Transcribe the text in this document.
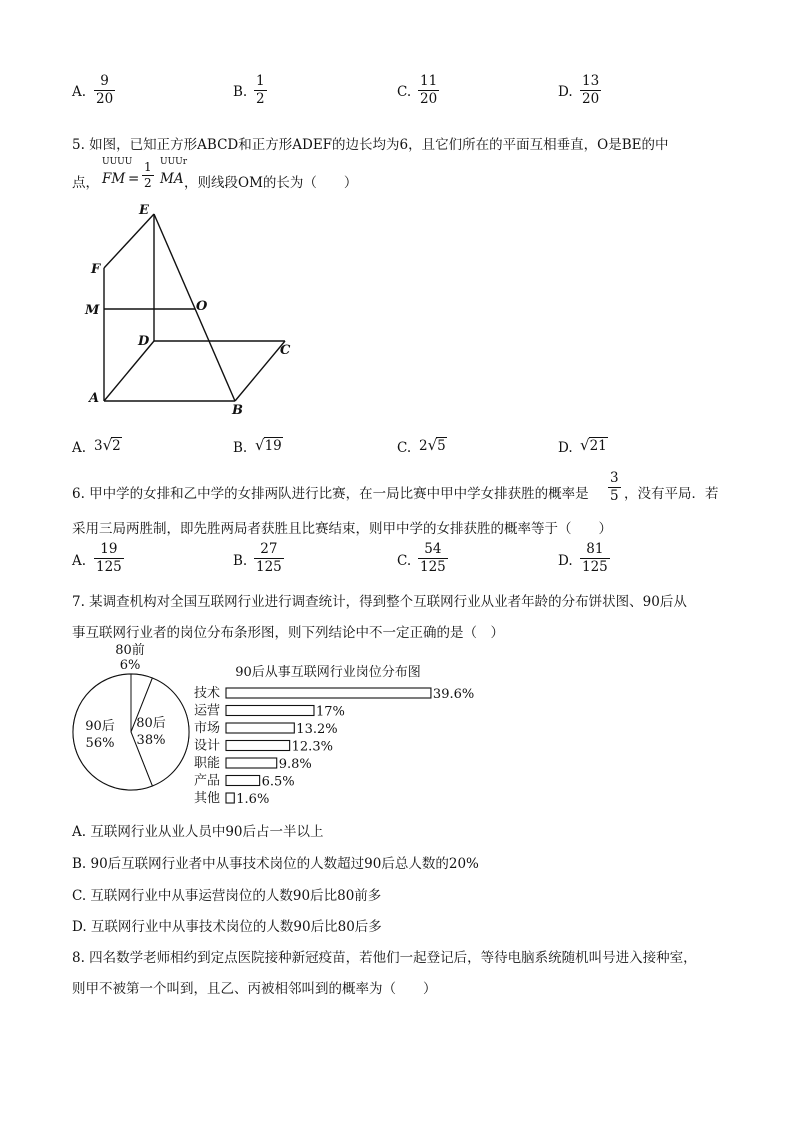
A. $\frac{9}{20}$	B. $\frac{1}{2}$	C. $\frac{11}{20}$	D. $\frac{13}{20}$
5. 如图，已知正方形ABCD和正方形ADEF的边长均为6，且它们所在的平面互相垂直，O是BE的中
点，
UUUU
FM = $\frac{1}{2}$ UUUr
MA ，则线段OM的长为（　　）
E
F
M	O
D
C
A
B
A. 3√2	B. √19	C. 2√5	D. √21
6. 甲中学的女排和乙中学的女排两队进行比赛，在一局比赛中甲中学女排获胜的概率是 $\frac{3}{5}$ ，没有平局．若
采用三局两胜制，即先胜两局者获胜且比赛结束，则甲中学的女排获胜的概率等于（　　）
A. $\frac{19}{125}$	B. $\frac{27}{125}$	C. $\frac{54}{125}$	D. $\frac{81}{125}$
7. 某调查机构对全国互联网行业进行调查统计，得到整个互联网行业从业者年龄的分布饼状图、90后从
事互联网行业者的岗位分布条形图，则下列结论中不一定正确的是（　）
80前
6%
80后
38%
90后
56%
90后从事互联网行业岗位分布图
技术	39.6%
运营	17%
市场	13.2%
设计	12.3%
职能	9.8%
产品	6.5%
其他 1.6%
A. 互联网行业从业人员中90后占一半以上
B. 90后互联网行业者中从事技术岗位的人数超过90后总人数的20%
C. 互联网行业中从事运营岗位的人数90后比80前多
D. 互联网行业中从事技术岗位的人数90后比80后多
8. 四名数学老师相约到定点医院接种新冠疫苗，若他们一起登记后，等待电脑系统随机叫号进入接种室，
则甲不被第一个叫到，且乙、丙被相邻叫到的概率为（　　）
